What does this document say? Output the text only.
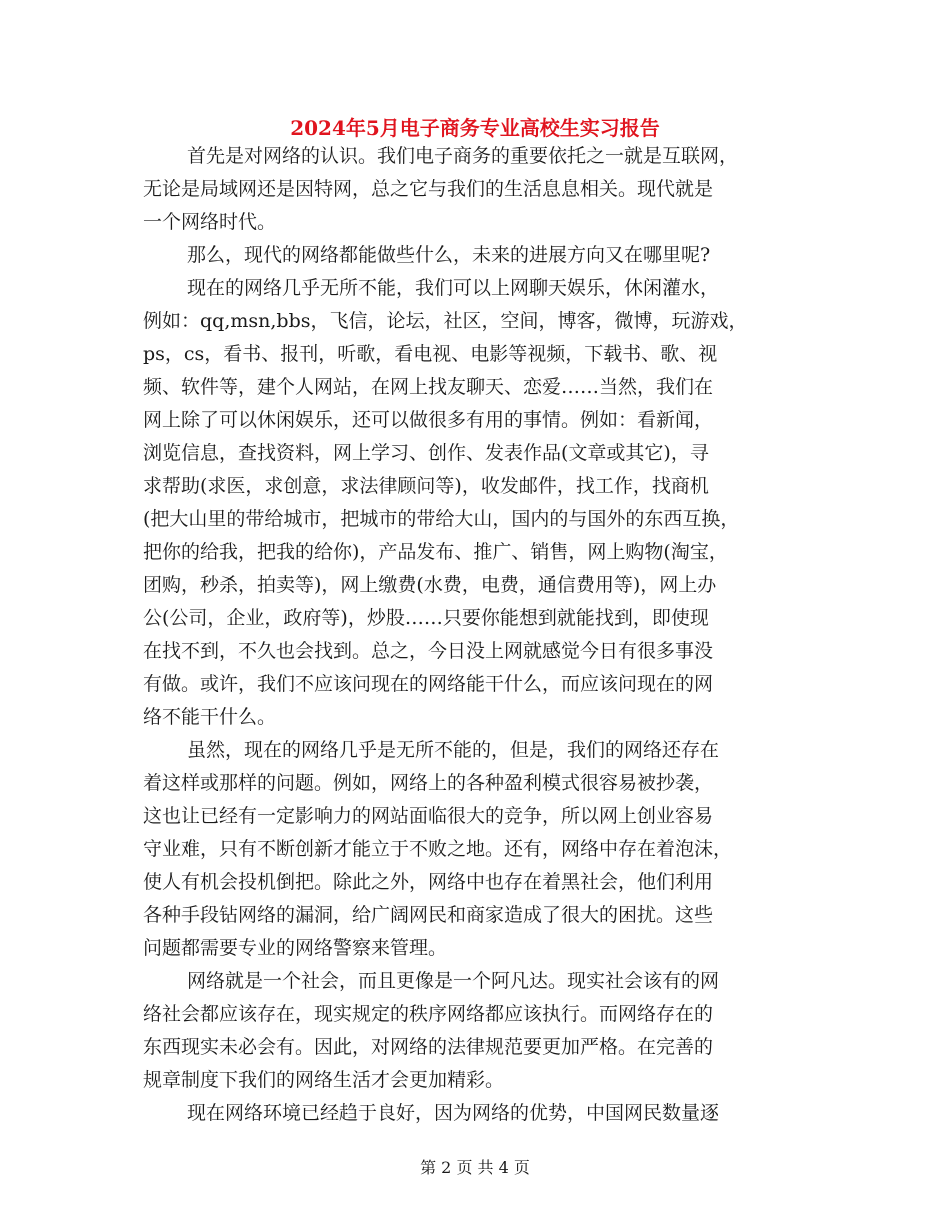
2024年5月电子商务专业高校生实习报告
首先是对网络的认识。我们电子商务的重要依托之一就是互联网，
无论是局域网还是因特网，总之它与我们的生活息息相关。现代就是
一个网络时代。
那么，现代的网络都能做些什么，未来的进展方向又在哪里呢?
现在的网络几乎无所不能，我们可以上网聊天娱乐，休闲灌水，
例如：qq,msn,bbs，飞信，论坛，社区，空间，博客，微博，玩游戏，
ps，cs，看书、报刊，听歌，看电视、电影等视频，下载书、歌、视
频、软件等，建个人网站，在网上找友聊天、恋爱……当然，我们在
网上除了可以休闲娱乐，还可以做很多有用的事情。例如：看新闻，
浏览信息，查找资料，网上学习、创作、发表作品(文章或其它)，寻
求帮助(求医，求创意，求法律顾问等)，收发邮件，找工作，找商机
(把大山里的带给城市，把城市的带给大山，国内的与国外的东西互换，
把你的给我，把我的给你)，产品发布、推广、销售，网上购物(淘宝，
团购，秒杀，拍卖等)，网上缴费(水费，电费，通信费用等)，网上办
公(公司，企业，政府等)，炒股……只要你能想到就能找到，即使现
在找不到，不久也会找到。总之，今日没上网就感觉今日有很多事没
有做。或许，我们不应该问现在的网络能干什么，而应该问现在的网
络不能干什么。
虽然，现在的网络几乎是无所不能的，但是，我们的网络还存在
着这样或那样的问题。例如，网络上的各种盈利模式很容易被抄袭，
这也让已经有一定影响力的网站面临很大的竞争，所以网上创业容易
守业难，只有不断创新才能立于不败之地。还有，网络中存在着泡沫，
使人有机会投机倒把。除此之外，网络中也存在着黑社会，他们利用
各种手段钻网络的漏洞，给广阔网民和商家造成了很大的困扰。这些
问题都需要专业的网络警察来管理。
网络就是一个社会，而且更像是一个阿凡达。现实社会该有的网
络社会都应该存在，现实规定的秩序网络都应该执行。而网络存在的
东西现实未必会有。因此，对网络的法律规范要更加严格。在完善的
规章制度下我们的网络生活才会更加精彩。
现在网络环境已经趋于良好，因为网络的优势，中国网民数量逐
第 2 页 共 4 页
